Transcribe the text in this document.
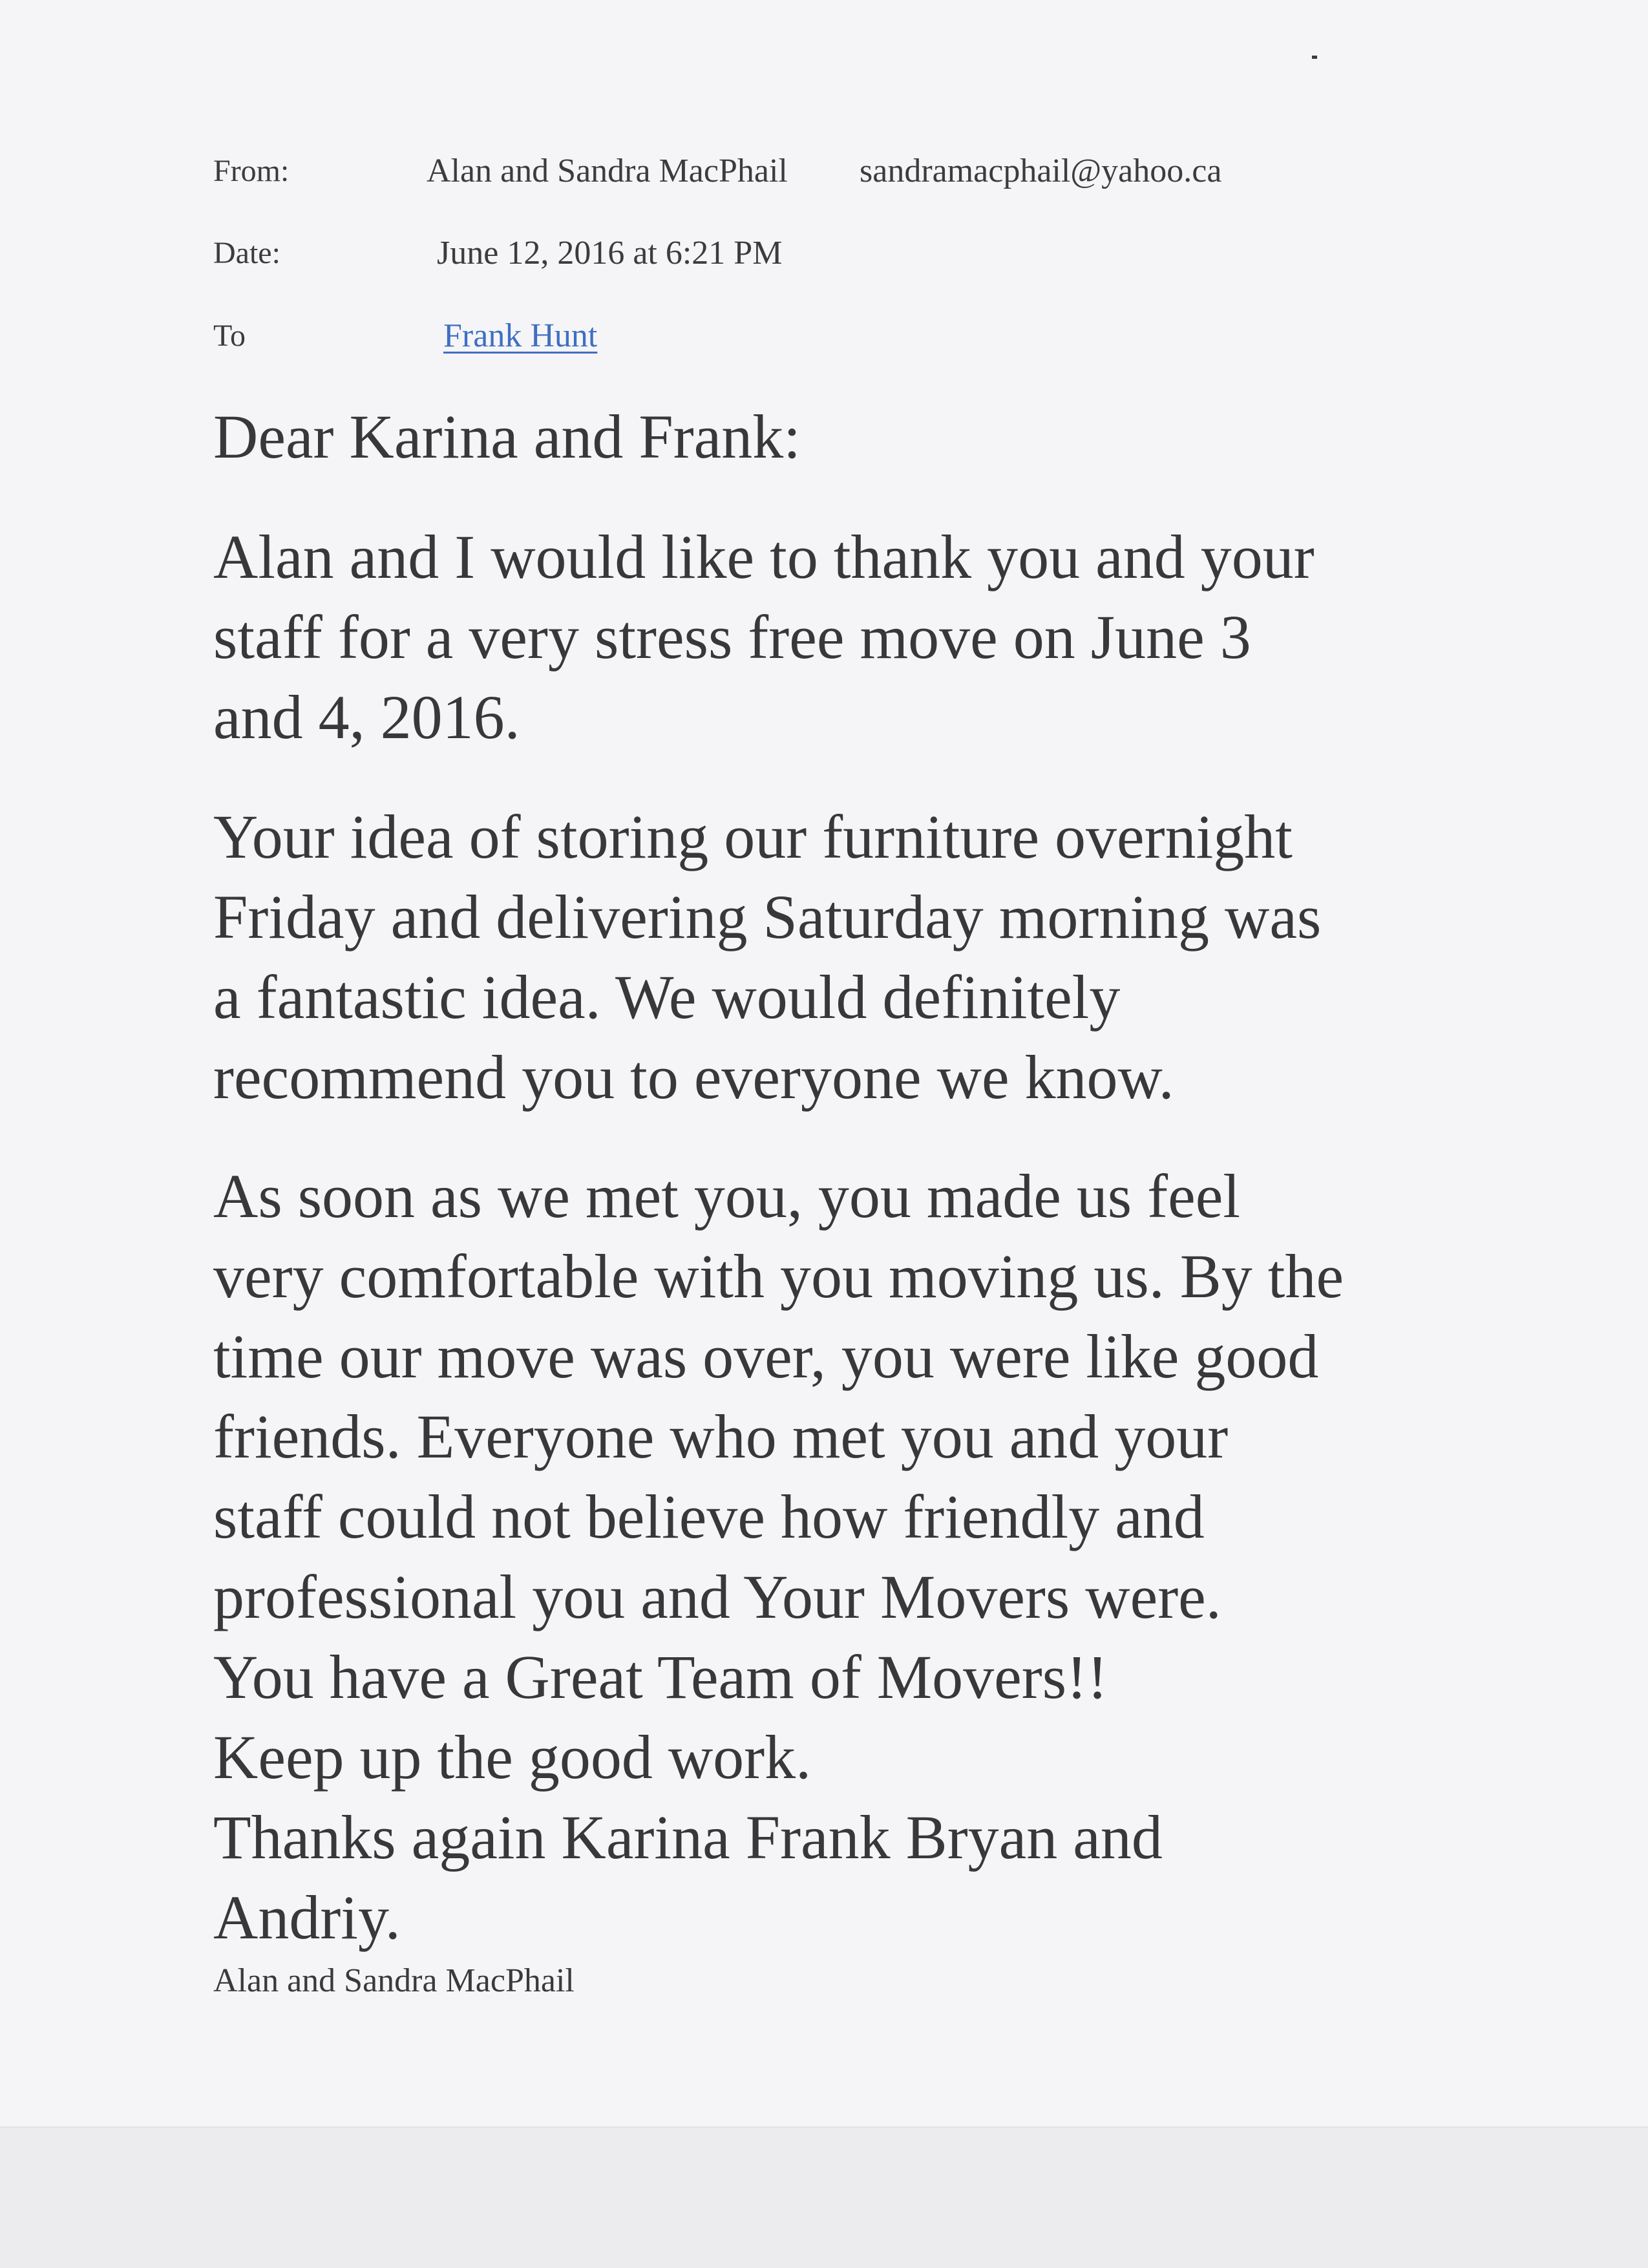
From:	Alan and Sandra MacPhail sandramacphail@yahoo.ca
Date:	June 12, 2016 at 6:21 PM
To	Frank Hunt

Dear Karina and Frank:

Alan and I would like to thank you and your

staff for a very stress free move on June 3

and 4, 2016.

Your idea of storing our furniture overnight

Friday and delivering Saturday morning was

a fantastic idea. We would definitely

recommend you to everyone we know.

As soon as we met you, you made us feel

very comfortable with you moving us. By the

time our move was over, you were like good

friends. Everyone who met you and your

staff could not believe how friendly and

professional you and Your Movers were.

You have a Great Team of Movers!!

Keep up the good work.

Thanks again Karina Frank Bryan and

Andriy.

Alan and Sandra MacPhail
